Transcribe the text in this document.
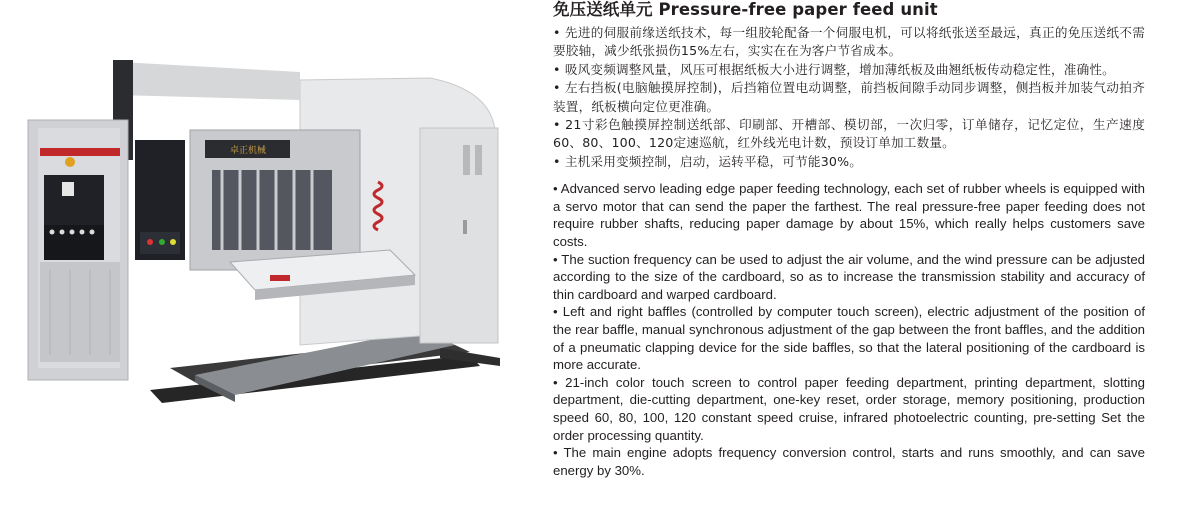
卓正机械
免压送纸单元 Pressure-free paper feed unit
• 先进的伺服前缘送纸技术，每一组胶轮配备一个伺服电机，可以将纸张送至最远，真正的免压送纸不需要胶轴，减少纸张损伤15%左右，实实在在为客户节省成本。
• 吸风变频调整风量，风压可根据纸板大小进行调整，增加薄纸板及曲翘纸板传动稳定性，准确性。
• 左右挡板(电脑触摸屏控制)，后挡箱位置电动调整，前挡板间隙手动同步调整，侧挡板并加装气动拍齐装置，纸板横向定位更准确。
• 21寸彩色触摸屏控制送纸部、印刷部、开槽部、模切部，一次归零，订单储存，记忆定位，生产速度60、80、100、120定速巡航，红外线光电计数，预设订单加工数量。
• 主机采用变频控制，启动，运转平稳，可节能30%。
• Advanced servo leading edge paper feeding technology, each set of rubber wheels is equipped with a servo motor that can send the paper the farthest. The real pressure-free paper feeding does not require rubber shafts, reducing paper damage by about 15%, which really helps customers save costs.
• The suction frequency can be used to adjust the air volume, and the wind pressure can be adjusted according to the size of the cardboard, so as to increase the transmission stability and accuracy of thin cardboard and warped cardboard.
• Left and right baffles (controlled by computer touch screen), electric adjustment of the position of the rear baffle, manual synchronous adjustment of the gap between the front baffles, and the addition of a pneumatic clapping device for the side baffles, so that the lateral positioning of the cardboard is more accurate.
• 21-inch color touch screen to control paper feeding department, printing department, slotting department, die-cutting department, one-key reset, order storage, memory positioning, production speed 60, 80, 100, 120 constant speed cruise, infrared photoelectric counting, pre-setting Set the order processing quantity.
• The main engine adopts frequency conversion control, starts and runs smoothly, and can save energy by 30%.
